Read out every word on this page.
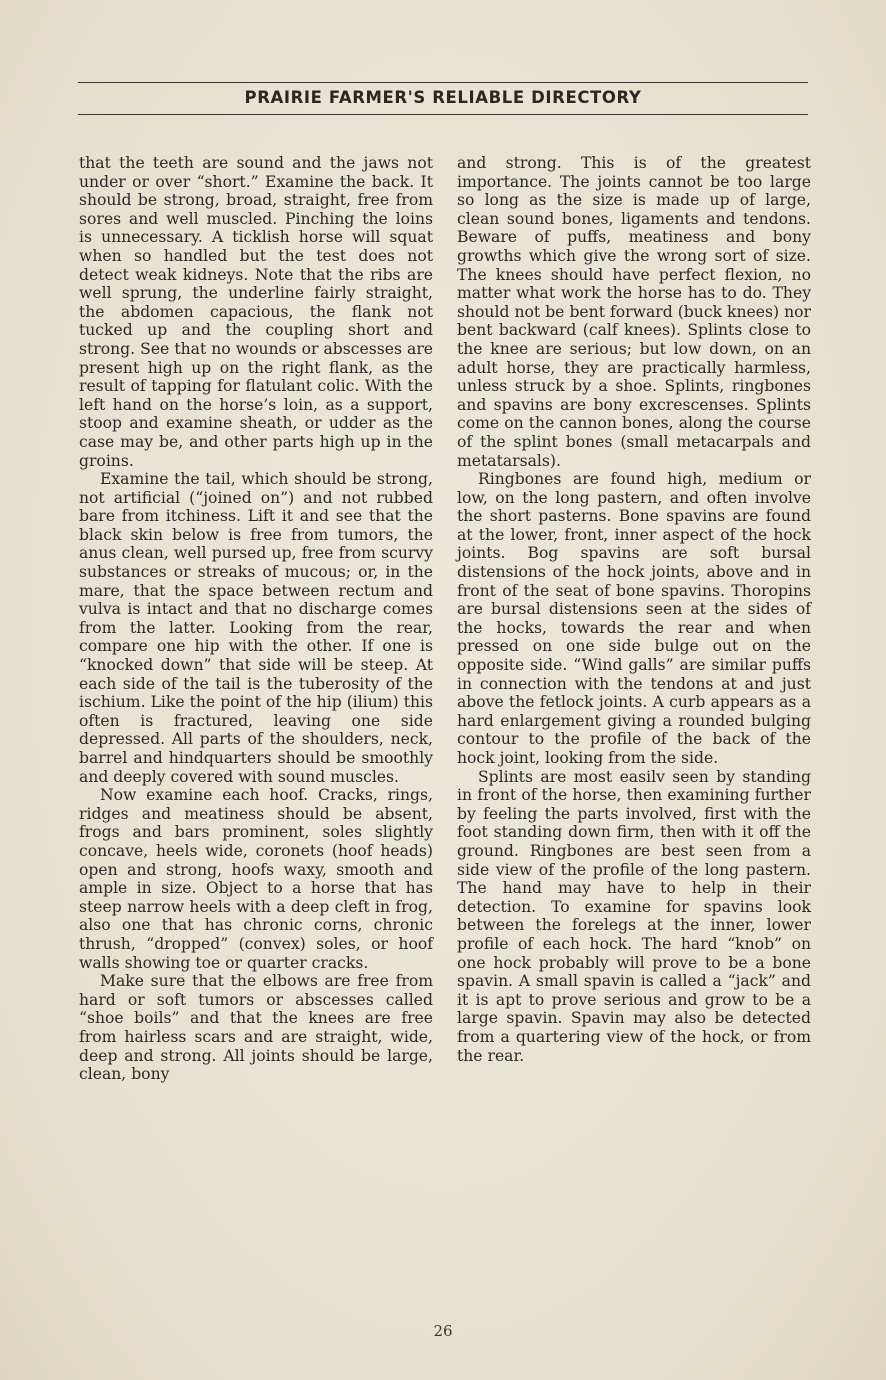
PRAIRIE FARMER'S RELIABLE DIRECTORY

that the teeth are sound and the jaws not under or over “short.” Examine the back. It should be strong, broad, straight, free from sores and well muscled. Pinching the loins is unnecessary. A ticklish horse will squat when so handled but the test does not detect weak kidneys. Note that the ribs are well sprung, the underline fairly straight, the abdomen capacious, the flank not tucked up and the coupling short and strong. See that no wounds or abscesses are present high up on the right flank, as the result of tapping for flatulant colic. With the left hand on the horse’s loin, as a support, stoop and examine sheath, or udder as the case may be, and other parts high up in the groins.

Examine the tail, which should be strong, not artificial (“joined on”) and not rubbed bare from itchiness. Lift it and see that the black skin below is free from tumors, the anus clean, well pursed up, free from scurvy substances or streaks of mucous; or, in the mare, that the space between rectum and vulva is intact and that no discharge comes from the latter. Looking from the rear, compare one hip with the other. If one is “knocked down” that side will be steep. At each side of the tail is the tuberosity of the ischium. Like the point of the hip (ilium) this often is fractured, leaving one side depressed. All parts of the shoulders, neck, barrel and hindquarters should be smoothly and deeply covered with sound muscles.

Now examine each hoof. Cracks, rings, ridges and meatiness should be absent, frogs and bars prominent, soles slightly concave, heels wide, coronets (hoof heads) open and strong, hoofs waxy, smooth and ample in size. Object to a horse that has steep narrow heels with a deep cleft in frog, also one that has chronic corns, chronic thrush, “dropped” (convex) soles, or hoof walls showing toe or quarter cracks.

Make sure that the elbows are free from hard or soft tumors or abscesses called “shoe boils” and that the knees are free from hairless scars and are straight, wide, deep and strong. All joints should be large, clean, bony

and strong. This is of the greatest importance. The joints cannot be too large so long as the size is made up of large, clean sound bones, ligaments and tendons. Beware of puffs, meatiness and bony growths which give the wrong sort of size. The knees should have perfect flexion, no matter what work the horse has to do. They should not be bent forward (buck knees) nor bent backward (calf knees). Splints close to the knee are serious; but low down, on an adult horse, they are practically harmless, unless struck by a shoe. Splints, ringbones and spavins are bony excrescenses. Splints come on the cannon bones, along the course of the splint bones (small metacarpals and metatarsals).

Ringbones are found high, medium or low, on the long pastern, and often involve the short pasterns. Bone spavins are found at the lower, front, inner aspect of the hock joints. Bog spavins are soft bursal distensions of the hock joints, above and in front of the seat of bone spavins. Thoropins are bursal distensions seen at the sides of the hocks, towards the rear and when pressed on one side bulge out on the opposite side. “Wind galls” are similar puffs in connection with the tendons at and just above the fetlock joints. A curb appears as a hard enlargement giving a rounded bulging contour to the profile of the back of the hock joint, looking from the side.

Splints are most easilv seen by standing in front of the horse, then examining further by feeling the parts involved, first with the foot standing down firm, then with it off the ground. Ringbones are best seen from a side view of the profile of the long pastern. The hand may have to help in their detection. To examine for spavins look between the forelegs at the inner, lower profile of each hock. The hard “knob” on one hock probably will prove to be a bone spavin. A small spavin is called a “jack” and it is apt to prove serious and grow to be a large spavin. Spavin may also be detected from a quartering view of the hock, or from the rear.

26
